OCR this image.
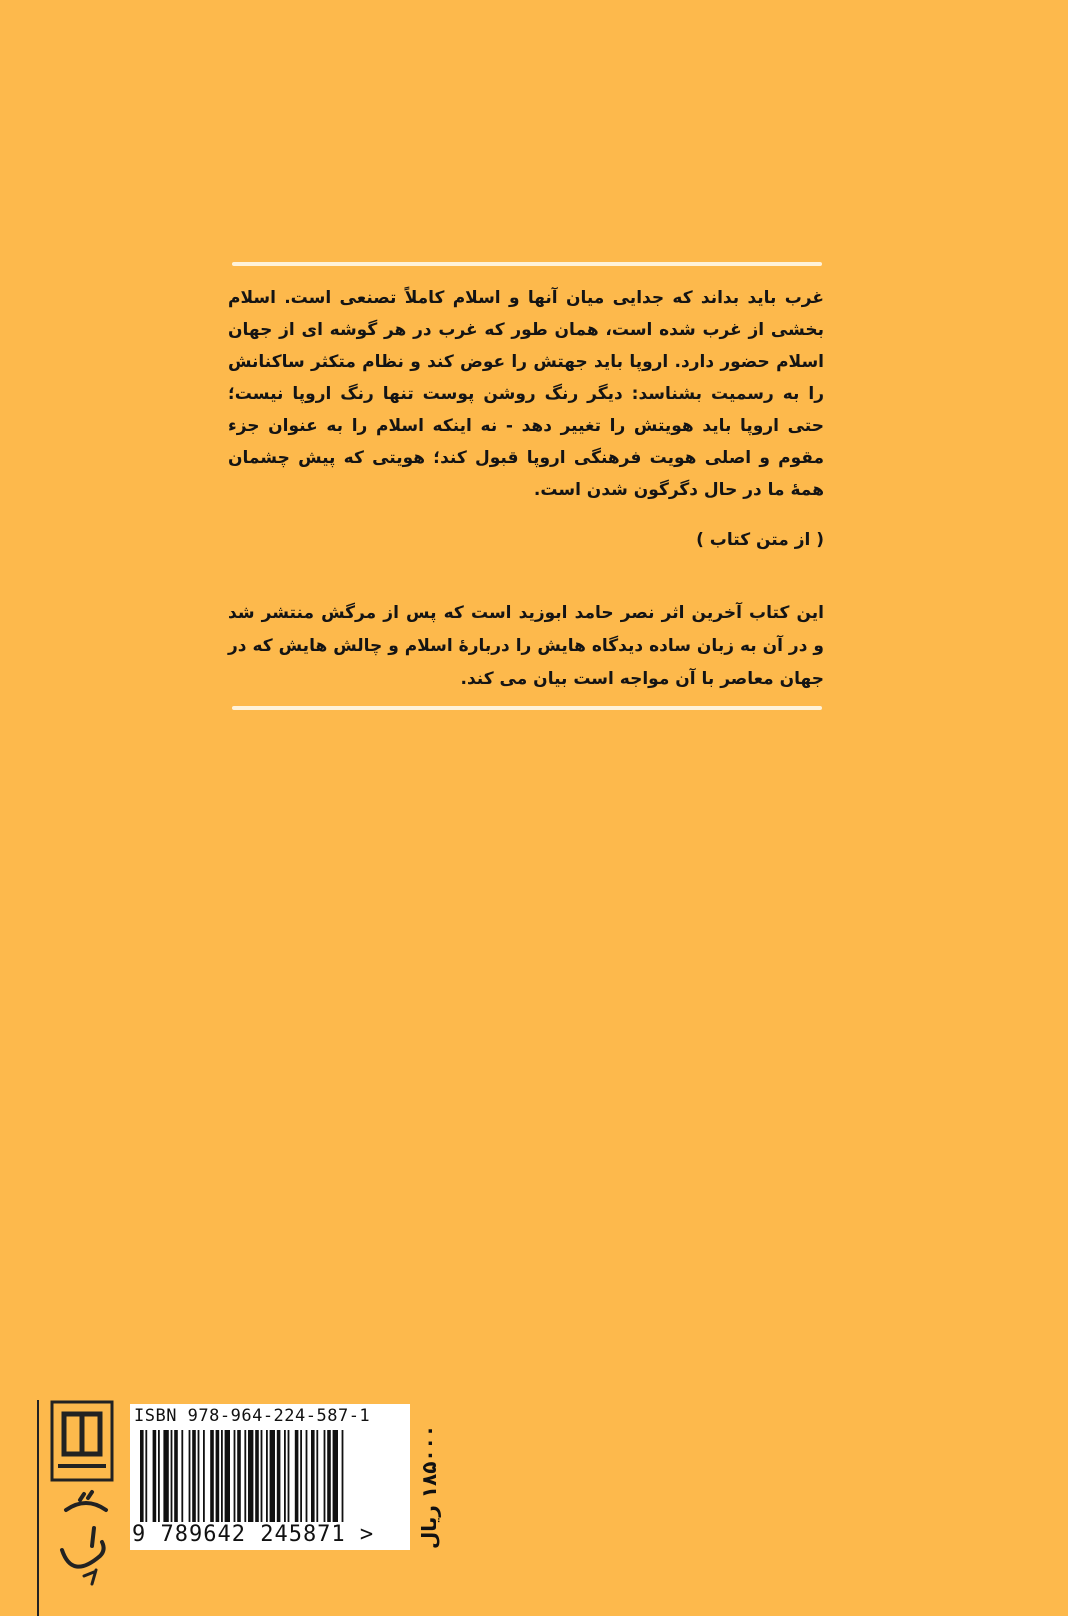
غرب باید بداند که جدایی میان آنها و اسلام کاملاً تصنعی است. اسلام بخشی از غرب شده است، همان طور که غرب در هر گوشه ای از جهان اسلام حضور دارد. اروپا باید جهتش را عوض کند و نظام متکثر ساکنانش را به رسمیت بشناسد: دیگر رنگ روشن پوست تنها رنگ اروپا نیست؛ حتی اروپا باید هویتش را تغییر دهد - نه اینکه اسلام را به عنوان جزء مقوم و اصلی هویت فرهنگی اروپا قبول کند؛ هویتی که پیش چشمان همهٔ ما در حال دگرگون شدن است.
( از متن کتاب )
این کتاب آخرین اثر نصر حامد ابوزید است که پس از مرگش منتشر شد و در آن به زبان ساده دیدگاه هایش را دربارهٔ اسلام و چالش هایش که در جهان معاصر با آن مواجه است بیان می کند.
ISBN 978-964-224-587-1
9 789642 245871 >	۱۸۵۰۰۰ ریال
